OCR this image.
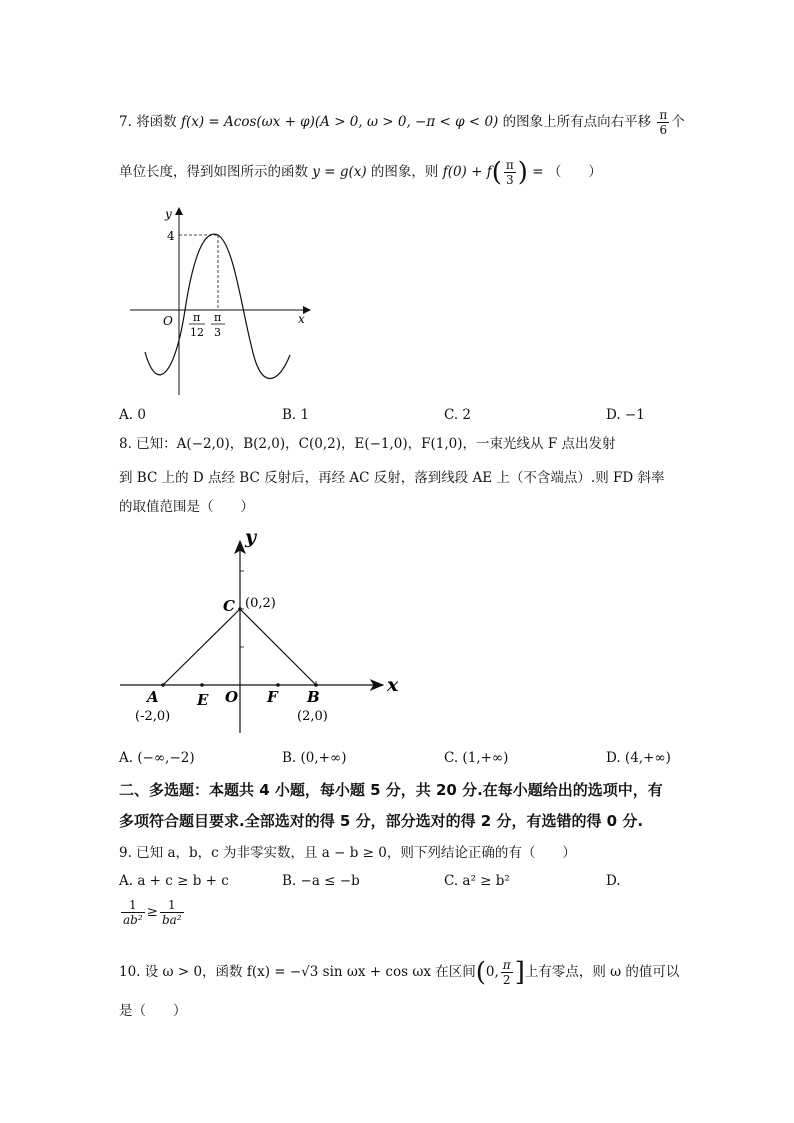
7. 将函数 f(x) = Acos(ωx + φ)(A > 0, ω > 0, −π < φ < 0) 的图象上所有点向右平移 $\frac{\pi}{6}$ 个
单位长度，得到如图所示的函数 y = g(x) 的图象，则 $f(0) + f( \frac{\pi}{3}$ ) = （　　）
y
x
O
4
π
12
π
3
A. 0	B. 1	C. 2	D. −1
8. 已知：A(−2,0)，B(2,0)，C(0,2)，E(−1,0)，F(1,0)，一束光线从 F 点出发射
到 BC 上的 D 点经 BC 反射后，再经 AC 反射，落到线段 AE 上（不含端点）.则 FD 斜率
的取值范围是（　　）
y
x
C (0,2)
A
(-2,0)
E O F B
(2,0)
A. (−∞,−2)	B. (0,+∞)	C. (1,+∞)	D. (4,+∞)
二、多选题：本题共 4 小题，每小题 5 分，共 20 分.在每小题给出的选项中，有
多项符合题目要求.全部选对的得 5 分，部分选对的得 2 分，有选错的得 0 分.
9. 已知 a，b，c 为非零实数，且 a − b ≥ 0，则下列结论正确的有（　　）
A. a + c ≥ b + c	B. −a ≤ −b	C. a² ≥ b²	D.
$\frac{1}{\text{ab²}} \ge \frac{1}{\text{ba²}}$
10. 设 ω > 0，函数 f(x) = −√3 sin ωx + cos ωx 在区间(0, $\frac{\pi}{2}$ ]上有零点，则 ω 的值可以
是（　　）
